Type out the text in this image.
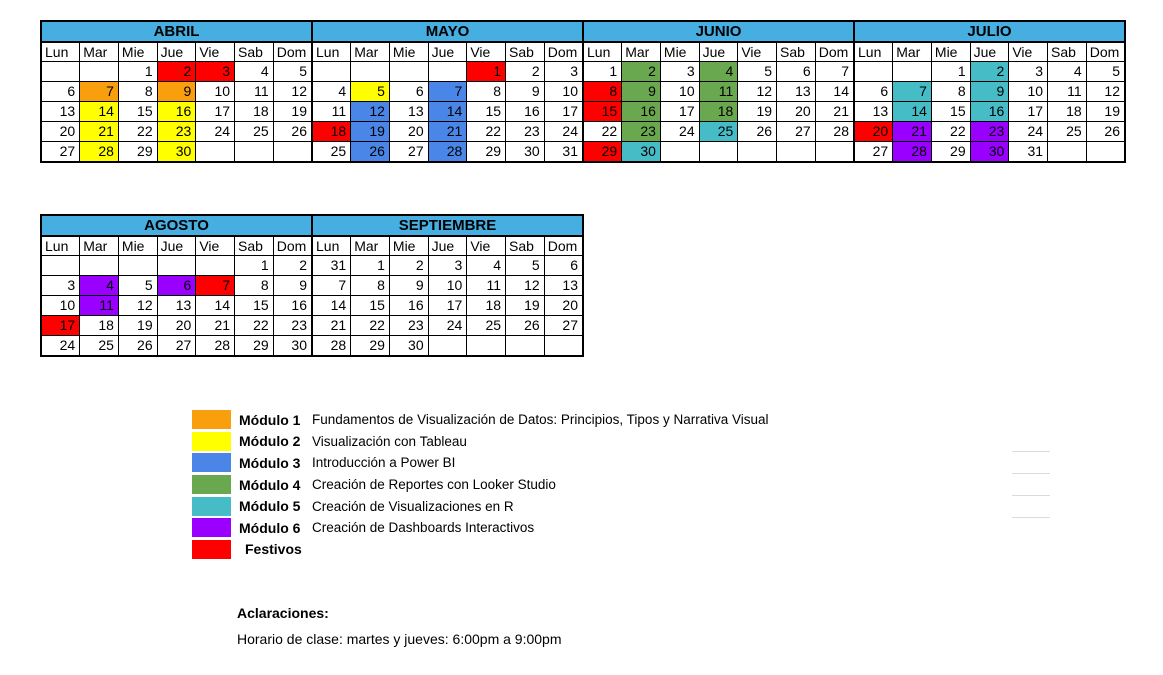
ABRIL						
Lun	Mar	Mie	Jue	Vie	Sab	Dom
		1	2	3	4	5
6	7	8	9	10	11	12
13	14	15	16	17	18	19
20	21	22	23	24	25	26
27	28	29	30			
MAYO						
Lun	Mar	Mie	Jue	Vie	Sab	Dom
				1	2	3
4	5	6	7	8	9	10
11	12	13	14	15	16	17
18	19	20	21	22	23	24
25	26	27	28	29	30	31
JUNIO						
Lun	Mar	Mie	Jue	Vie	Sab	Dom
1	2	3	4	5	6	7
8	9	10	11	12	13	14
15	16	17	18	19	20	21
22	23	24	25	26	27	28
29	30					
JULIO						
Lun	Mar	Mie	Jue	Vie	Sab	Dom
		1	2	3	4	5
6	7	8	9	10	11	12
13	14	15	16	17	18	19
20	21	22	23	24	25	26
27	28	29	30	31		
AGOSTO						
Lun	Mar	Mie	Jue	Vie	Sab	Dom
					1	2
3	4	5	6	7	8	9
10	11	12	13	14	15	16
17	18	19	20	21	22	23
24	25	26	27	28	29	30
SEPTIEMBRE						
Lun	Mar	Mie	Jue	Vie	Sab	Dom
31	1	2	3	4	5	6
7	8	9	10	11	12	13
14	15	16	17	18	19	20
21	22	23	24	25	26	27
28	29	30				
Módulo 1 Fundamentos de Visualización de Datos: Principios, Tipos y Narrativa Visual
Módulo 2 Visualización con Tableau
Módulo 3 Introducción a Power BI
Módulo 4 Creación de Reportes con Looker Studio
Módulo 5 Creación de Visualizaciones en R
Módulo 6 Creación de Dashboards Interactivos
Festivos
Aclaraciones:
Horario de clase: martes y jueves: 6:00pm a 9:00pm
